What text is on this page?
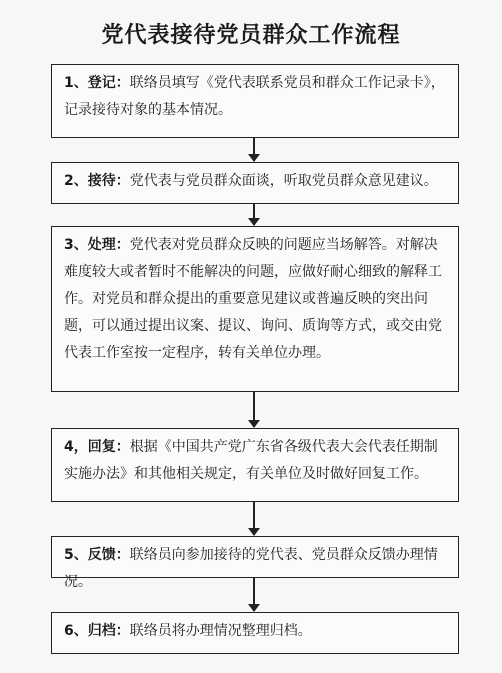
党代表接待党员群众工作流程
1、登记：联络员填写《党代表联系党员和群众工作记录卡》，记录接待对象的基本情况。
2、接待：党代表与党员群众面谈，听取党员群众意见建议。
3、处理：党代表对党员群众反映的问题应当场解答。对解决难度较大或者暂时不能解决的问题，应做好耐心细致的解释工作。对党员和群众提出的重要意见建议或普遍反映的突出问题，可以通过提出议案、提议、询问、质询等方式，或交由党代表工作室按一定程序，转有关单位办理。
4，回复：根据《中国共产党广东省各级代表大会代表任期制实施办法》和其他相关规定，有关单位及时做好回复工作。
5、反馈：联络员向参加接待的党代表、党员群众反馈办理情况。
6、归档：联络员将办理情况整理归档。
